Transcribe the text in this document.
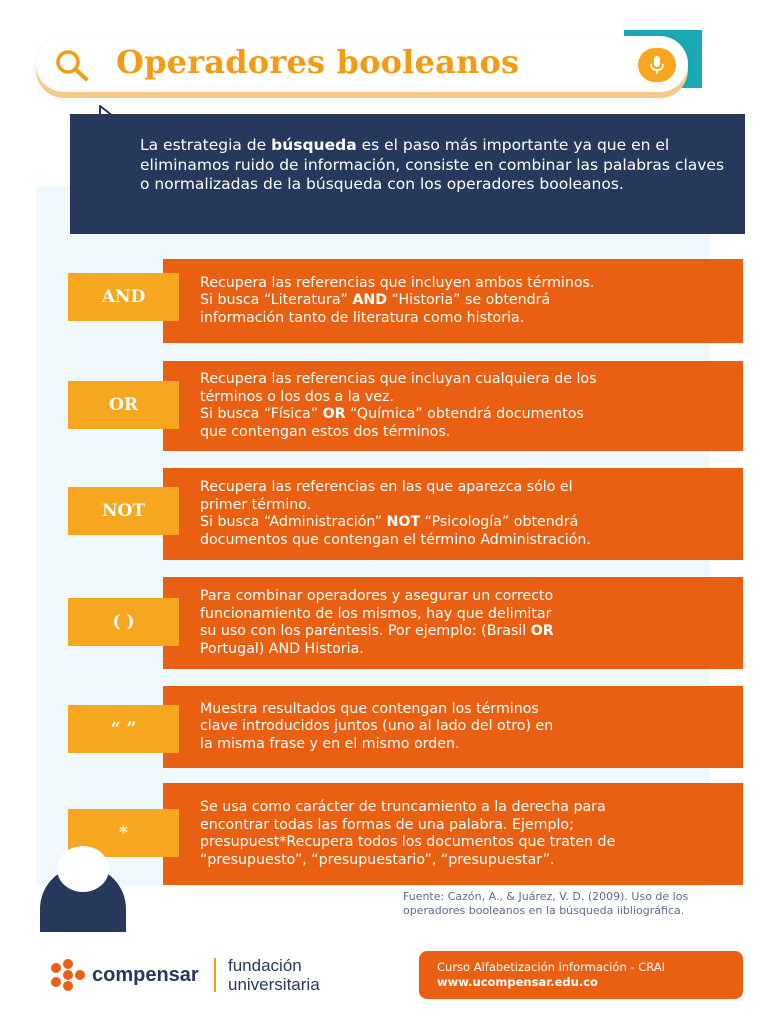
Operadores booleanos
La estrategia de búsqueda es el paso más importante ya que en el eliminamos ruido de información, consiste en combinar las palabras claves o normalizadas de la búsqueda con los operadores booleanos.
Recupera las referencias que incluyen ambos términos.
Si busca “Literatura” AND “Historia” se obtendrá
información tanto de literatura como historia.
AND
Recupera las referencias que incluyan cualquiera de los
términos o los dos a la vez.
Si busca “Física” OR “Química” obtendrá documentos
que contengan estos dos términos.
OR
Recupera las referencias en las que aparezca sólo el
primer término.
Si busca “Administración” NOT “Psicología” obtendrá
documentos que contengan el término Administración.
NOT
Para combinar operadores y asegurar un correcto
funcionamiento de los mismos, hay que delimitar
su uso con los paréntesis. Por ejemplo: (Brasil OR
Portugal) AND Historia.
( )
Muestra resultados que contengan los términos
clave introducidos juntos (uno al lado del otro) en
la misma frase y en el mismo orden.
“ ”
Se usa como carácter de truncamiento a la derecha para
encontrar todas las formas de una palabra. Ejemplo;
presupuest*Recupera todos los documentos que traten de
“presupuesto”, “presupuestario”, “presupuestar”.
*
Fuente: Cazón, A., & Juárez, V. D. (2009). Uso de los
operadores booleanos en la búsqueda iibliográfica.
compensar fundación
universitaria
Curso Alfabetización información - CRAI
www.ucompensar.edu.co
